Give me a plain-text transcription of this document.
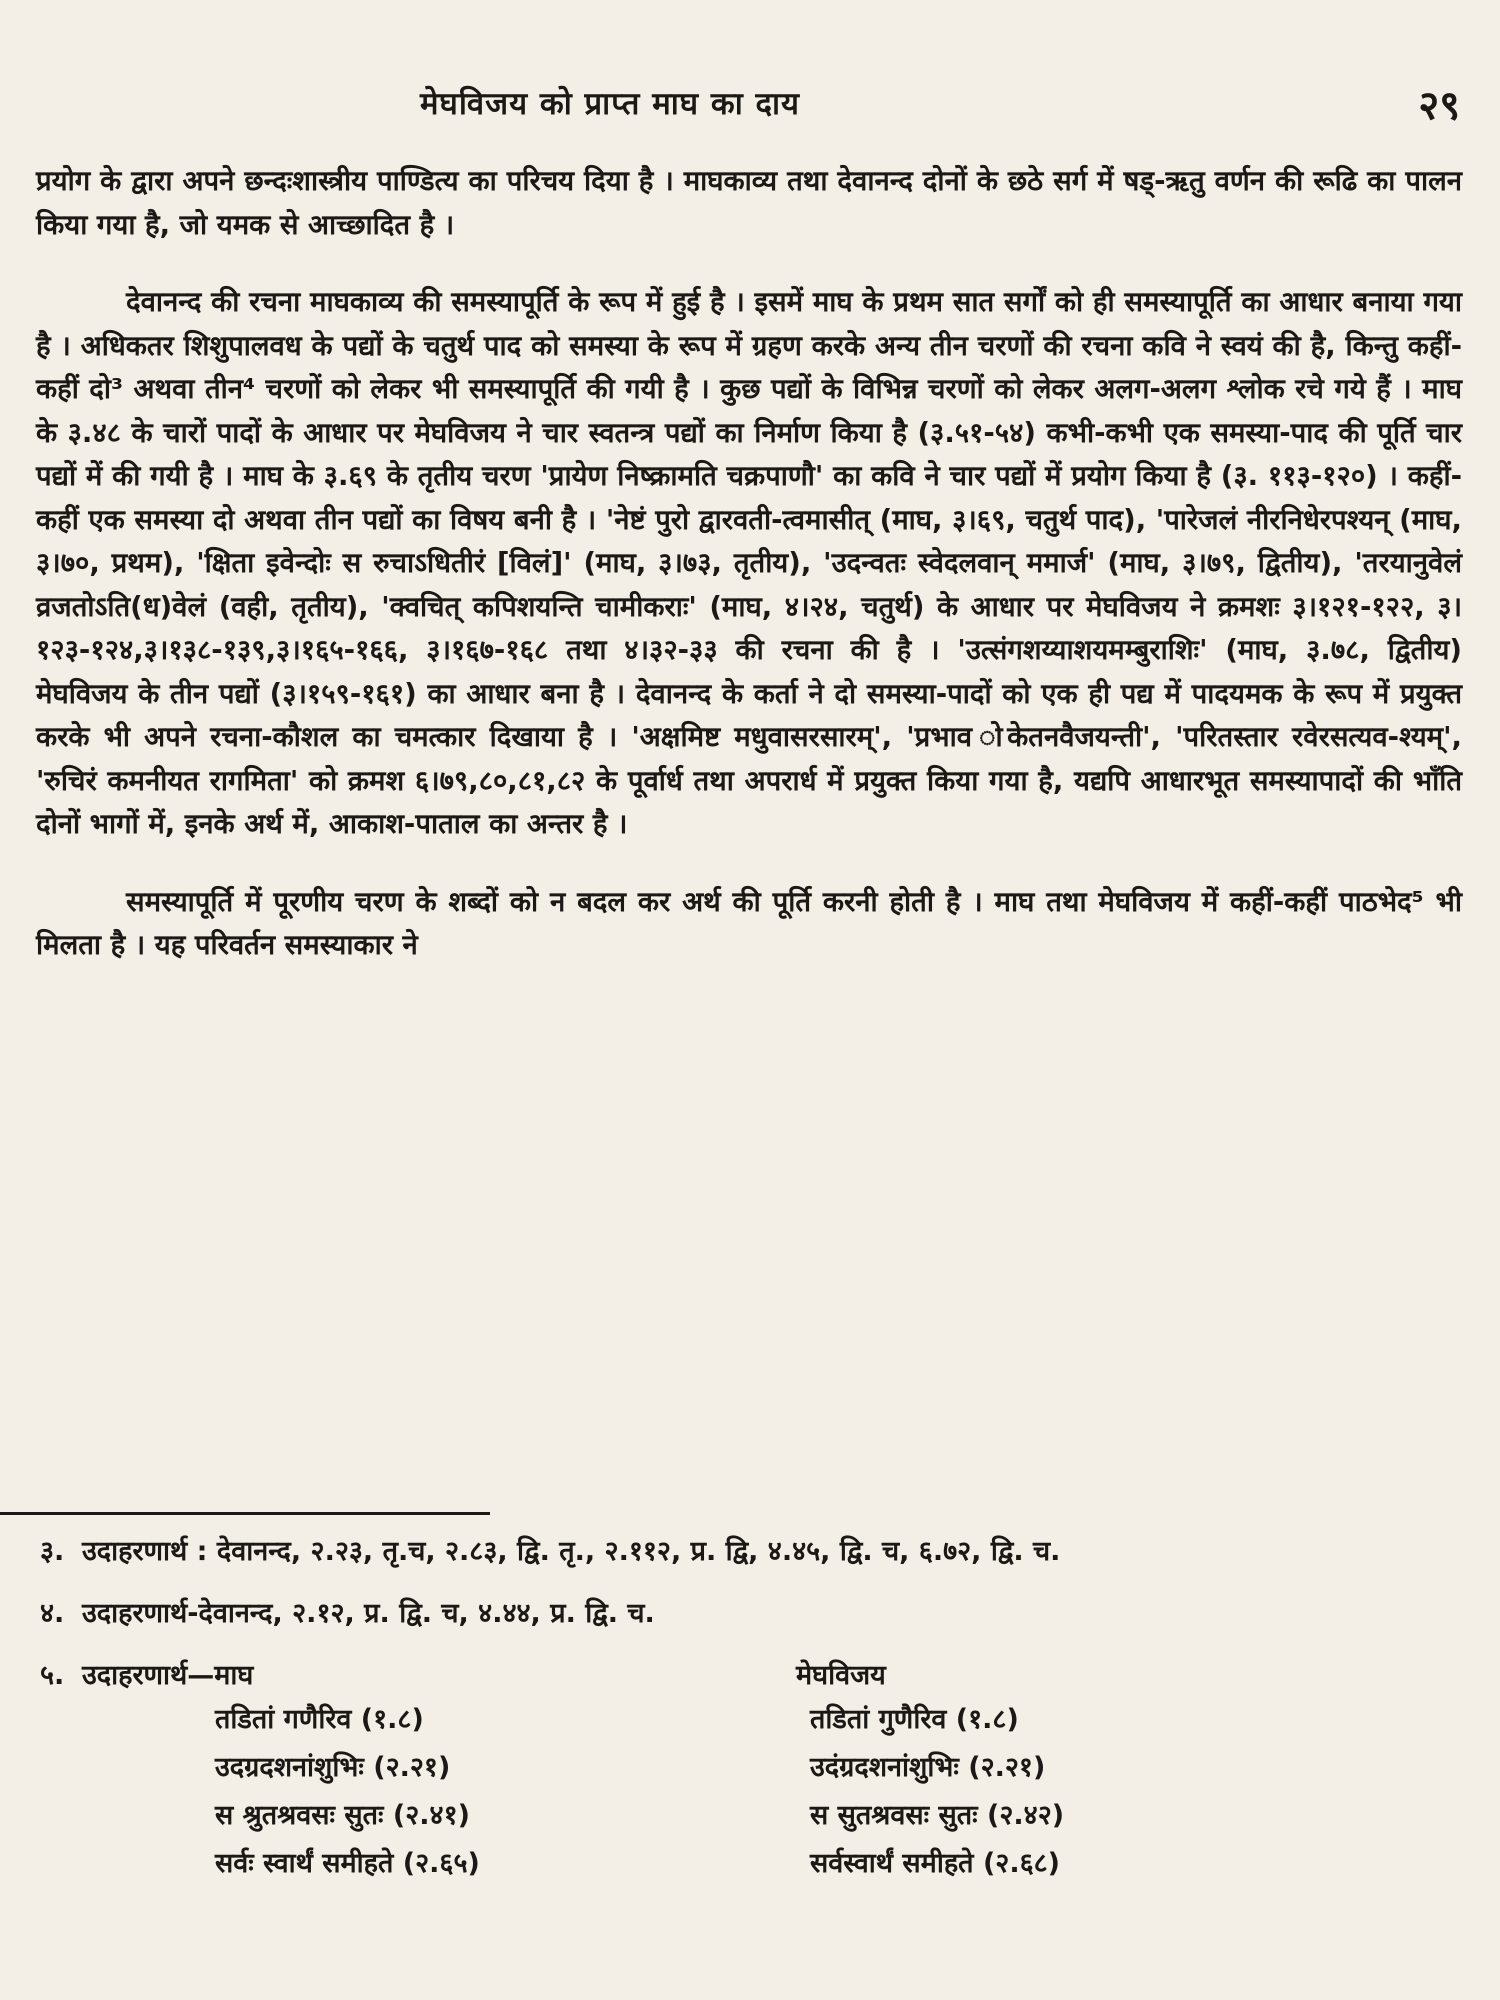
मेघविजय को प्राप्त माघ का दाय	२९

प्रयोग के द्वारा अपने छन्दःशास्त्रीय पाण्डित्य का परिचय दिया है । माघकाव्य तथा देवानन्द दोनों के छठे सर्ग में षड्-ऋतु वर्णन की रूढि का पालन किया गया है, जो यमक से आच्छादित है ।

देवानन्द की रचना माघकाव्य की समस्यापूर्ति के रूप में हुई है । इसमें माघ के प्रथम सात सर्गों को ही समस्यापूर्ति का आधार बनाया गया है । अधिकतर शिशुपालवध के पद्यों के चतुर्थ पाद को समस्या के रूप में ग्रहण करके अन्य तीन चरणों की रचना कवि ने स्वयं की है, किन्तु कहीं-कहीं दो³ अथवा तीन⁴ चरणों को लेकर भी समस्यापूर्ति की गयी है । कुछ पद्यों के विभिन्न चरणों को लेकर अलग-अलग श्लोक रचे गये हैं । माघ के ३.४८ के चारों पादों के आधार पर मेघविजय ने चार स्वतन्त्र पद्यों का निर्माण किया है (३.५१-५४) कभी-कभी एक समस्या-पाद की पूर्ति चार पद्यों में की गयी है । माघ के ३.६९ के तृतीय चरण 'प्रायेण निष्क्रामति चक्रपाणौ' का कवि ने चार पद्यों में प्रयोग किया है (३. ११३-१२०) । कहीं-कहीं एक समस्या दो अथवा तीन पद्यों का विषय बनी है । 'नेष्टं पुरो द्वारवती-त्वमासीत् (माघ, ३।६९, चतुर्थ पाद), 'पारेजलं नीरनिधेरपश्यन् (माघ, ३।७०, प्रथम), 'क्षिता इवेन्दोः स रुचाऽधितीरं [विलं]' (माघ, ३।७३, तृतीय), 'उदन्वतः स्वेदलवान् ममार्ज' (माघ, ३।७९, द्वितीय), 'तरयानुवेलं व्रजतोऽति(ध)वेलं (वही, तृतीय), 'क्वचित् कपिशयन्ति चामीकराः' (माघ, ४।२४, चतुर्थ) के आधार पर मेघविजय ने क्रमशः ३।१२१-१२२, ३।१२३-१२४,३।१३८-१३९,३।१६५-१६६, ३।१६७-१६८ तथा ४।३२-३३ की रचना की है । 'उत्संगशय्याशयमम्बुराशिः' (माघ, ३.७८, द्वितीय) मेघविजय के तीन पद्यों (३।१५९-१६१) का आधार बना है । देवानन्द के कर्ता ने दो समस्या-पादों को एक ही पद्य में पादयमक के रूप में प्रयुक्त करके भी अपने रचना-कौशल का चमत्कार दिखाया है । 'अक्षमिष्ट मधुवासरसारम्', 'प्रभाव ोकेतनवैजयन्ती', 'परितस्तार रवेरसत्यव-श्यम्', 'रुचिरं कमनीयत रागमिता' को क्रमश ६।७९,८०,८१,८२ के पूर्वार्ध तथा अपरार्ध में प्रयुक्त किया गया है, यद्यपि आधारभूत समस्यापादों की भाँति दोनों भागों में, इनके अर्थ में, आकाश-पाताल का अन्तर है ।

समस्यापूर्ति में पूरणीय चरण के शब्दों को न बदल कर अर्थ की पूर्ति करनी होती है । माघ तथा मेघविजय में कहीं-कहीं पाठभेद⁵ भी मिलता है । यह परिवर्तन समस्याकार ने

३. उदाहरणार्थ : देवानन्द, २.२३, तृ.च, २.८३, द्वि. तृ., २.११२, प्र. द्वि, ४.४५, द्वि. च, ६.७२, द्वि. च.

४. उदाहरणार्थ-देवानन्द, २.१२, प्र. द्वि. च, ४.४४, प्र. द्वि. च.

५. उदाहरणार्थ—माघ	मेघविजय
तडितां गणैरिव (१.८)	तडितां गुणैरिव (१.८)
उदग्रदशनांशुभिः (२.२१)	उदंग्रदशनांशुभिः (२.२१)
स श्रुतश्रवसः सुतः (२.४१)	स सुतश्रवसः सुतः (२.४२)
सर्वः स्वार्थं समीहते (२.६५)	सर्वस्वार्थं समीहते (२.६८)
